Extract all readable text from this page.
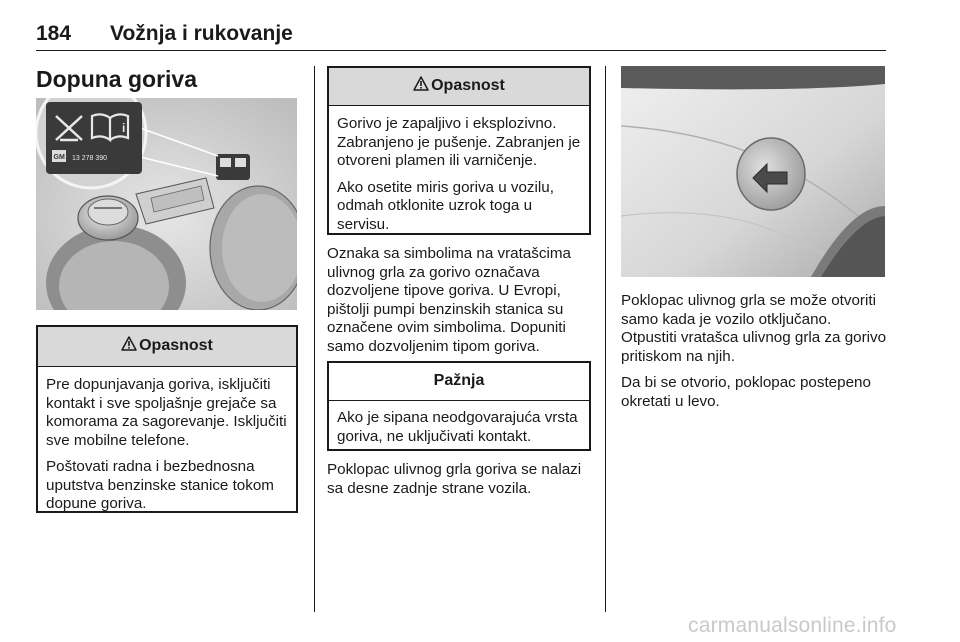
184 Vožnja i rukovanje
Dopuna goriva
i
GM 13 278 390
Opasnost

Pre dopunjavanja goriva, isključiti kontakt i sve spoljašnje grejače sa komorama za sagorevanje. Isključiti sve mobilne telefone.

Poštovati radna i bezbednosna uputstva benzinske stanice tokom dopune goriva.

Opasnost

Gorivo je zapaljivo i eksplozivno. Zabranjeno je pušenje. Zabranjen je otvoreni plamen ili varničenje.

Ako osetite miris goriva u vozilu, odmah otklonite uzrok toga u servisu.

Oznaka sa simbolima na vratašcima ulivnog grla za gorivo označava dozvoljene tipove goriva. U Evropi, pištolji pumpi benzinskih stanica su označene ovim simbolima. Dopuniti samo dozvoljenim tipom goriva.

Pažnja

Ako je sipana neodgovarajuća vrsta goriva, ne uključivati kontakt.

Poklopac ulivnog grla goriva se nalazi sa desne zadnje strane vozila.

Poklopac ulivnog grla se može otvoriti samo kada je vozilo otključano. Otpustiti vratašca ulivnog grla za gorivo pritiskom na njih.

Da bi se otvorio, poklopac postepeno okretati u levo.

carmanualsonline.info
